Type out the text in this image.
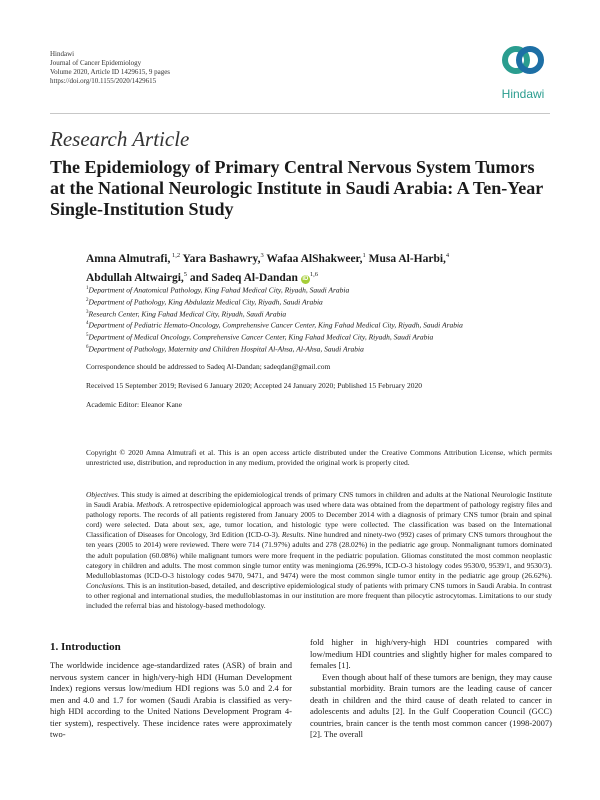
Hindawi
Journal of Cancer Epidemiology
Volume 2020, Article ID 1429615, 9 pages
https://doi.org/10.1155/2020/1429615
Hindawi
Research Article
The Epidemiology of Primary Central Nervous System Tumors at the National Neurologic Institute in Saudi Arabia: A Ten-Year Single-Institution Study
Amna Almutrafi, $^{1,2}$ Yara Bashawry,$^3$ Wafaa AlShakweer,$^1$ Musa Al-Harbi,$^4$
Abdullah Altwairgi,$^5$ and Sadeq Al-Dandan iD$^{1,6}$
$^1$Department of Anatomical Pathology, King Fahad Medical City, Riyadh, Saudi Arabia
$^2$Department of Pathology, King Abdulaziz Medical City, Riyadh, Saudi Arabia
$^3$Research Center, King Fahad Medical City, Riyadh, Saudi Arabia
$^4$Department of Pediatric Hemato-Oncology, Comprehensive Cancer Center, King Fahad Medical City, Riyadh, Saudi Arabia
$^5$Department of Medical Oncology, Comprehensive Cancer Center, King Fahad Medical City, Riyadh, Saudi Arabia
$^6$Department of Pathology, Maternity and Children Hospital Al-Ahsa, Al-Ahsa, Saudi Arabia
Correspondence should be addressed to Sadeq Al-Dandan; sadeqdan@gmail.com
Received 15 September 2019; Revised 6 January 2020; Accepted 24 January 2020; Published 15 February 2020
Academic Editor: Eleanor Kane
Copyright © 2020 Amna Almutrafi et al. This is an open access article distributed under the Creative Commons Attribution License, which permits unrestricted use, distribution, and reproduction in any medium, provided the original work is properly cited.
Objectives. This study is aimed at describing the epidemiological trends of primary CNS tumors in children and adults at the National Neurologic Institute in Saudi Arabia. Methods. A retrospective epidemiological approach was used where data was obtained from the department of pathology registry files and pathology reports. The records of all patients registered from January 2005 to December 2014 with a diagnosis of primary CNS tumor (brain and spinal cord) were selected. Data about sex, age, tumor location, and histologic type were collected. The classification was based on the International Classification of Diseases for Oncology, 3rd Edition (ICD-O-3). Results. Nine hundred and ninety-two (992) cases of primary CNS tumors throughout the ten years (2005 to 2014) were reviewed. There were 714 (71.97%) adults and 278 (28.02%) in the pediatric age group. Nonmalignant tumors dominated the adult population (60.08%) while malignant tumors were more frequent in the pediatric population. Gliomas constituted the most common neoplastic category in children and adults. The most common single tumor entity was meningioma (26.99%, ICD-O-3 histology codes 9530/0, 9539/1, and 9530/3). Medulloblastomas (ICD-O-3 histology codes 9470, 9471, and 9474) were the most common single tumor entity in the pediatric age group (26.62%). Conclusions. This is an institution-based, detailed, and descriptive epidemiological study of patients with primary CNS tumors in Saudi Arabia. In contrast to other regional and international studies, the medulloblastomas in our institution are more frequent than pilocytic astrocytomas. Limitations to our study included the referral bias and histology-based methodology.
1. Introduction

The worldwide incidence age-standardized rates (ASR) of brain and nervous system cancer in high/very-high HDI (Human Development Index) regions versus low/medium HDI regions was 5.0 and 2.4 for men and 4.0 and 1.7 for women (Saudi Arabia is classified as very-high HDI according to the United Nations Development Program 4-tier system), respectively. These incidence rates were approximately two-

fold higher in high/very-high HDI countries compared with low/medium HDI countries and slightly higher for males compared to females [1].

Even though about half of these tumors are benign, they may cause substantial morbidity. Brain tumors are the leading cause of cancer death in children and the third cause of death related to cancer in adolescents and adults [2]. In the Gulf Cooperation Council (GCC) countries, brain cancer is the tenth most common cancer (1998-2007) [2]. The overall
